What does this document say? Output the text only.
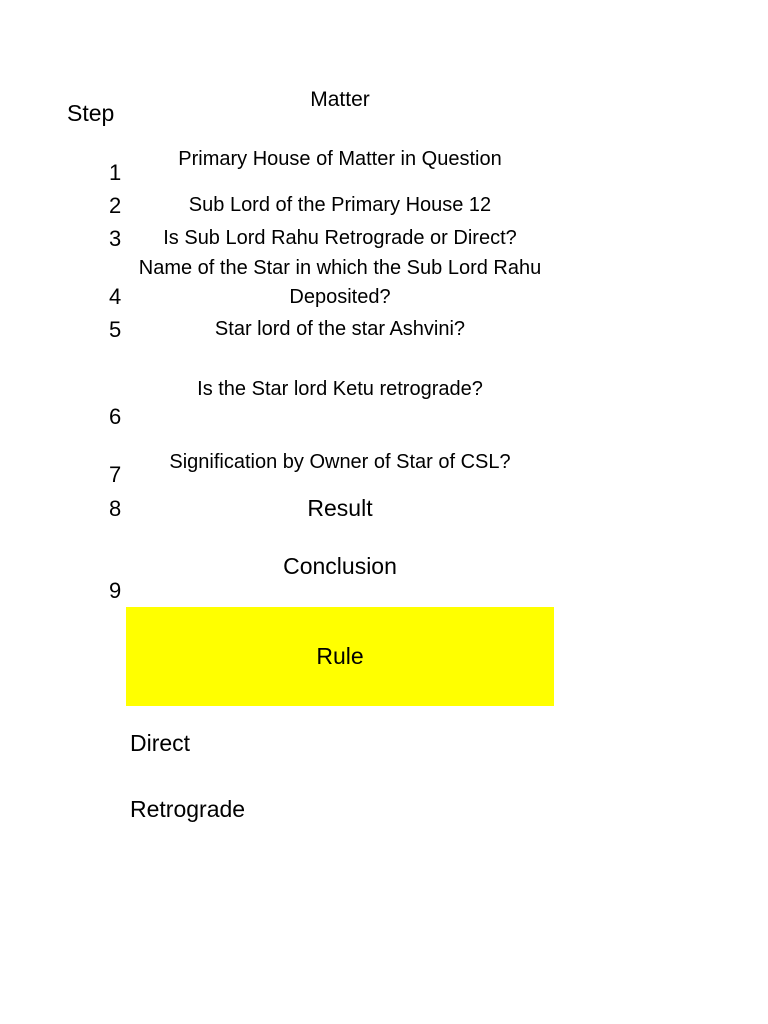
Step
Matter
1
2
3
4
5
6
7
8
9
Primary House of Matter in Question
Sub Lord of the Primary House 12
Is Sub Lord Rahu Retrograde or Direct?
Name of the Star in which the Sub Lord Rahu
Deposited?
Star lord of the star Ashvini?
Is the Star lord Ketu retrograde?
Signification by Owner of Star of CSL?
Result
Conclusion
Rule
Direct
Retrograde
